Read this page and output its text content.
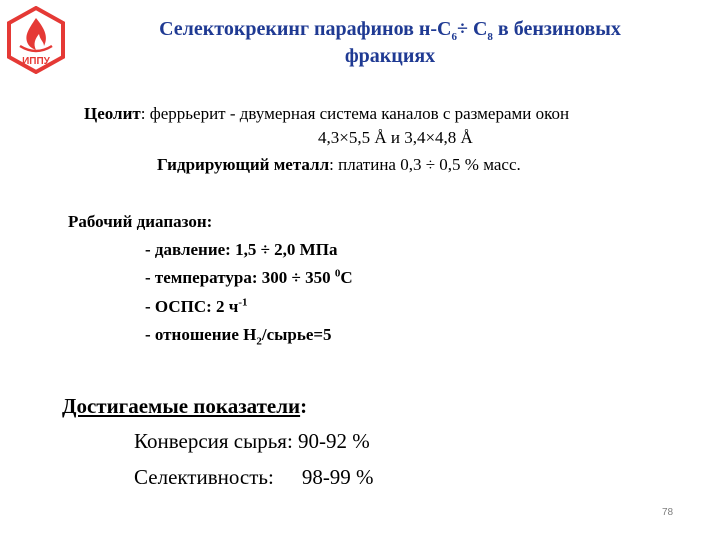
ИППУ
Селектокрекинг парафинов $н-С_6\div С_8$ в бензиновых
фракциях
Цеолит: феррьерит - двумерная система каналов с размерами окон
4,3×5,5 Å и 3,4×4,8 Å
Гидрирующий металл: платина 0,3 ÷ 0,5 % масс.
Рабочий диапазон:
- давление: 1,5 ÷ 2,0 МПа
- температура: 300 ÷ 350 $^0$С
- ОСПС: 2 $ч^{-1}$
- отношение $Н_2/сырье=5$
Достигаемые показатели:
Конверсия сырья: 90-92 %
Селективность: 98-99 %
78
